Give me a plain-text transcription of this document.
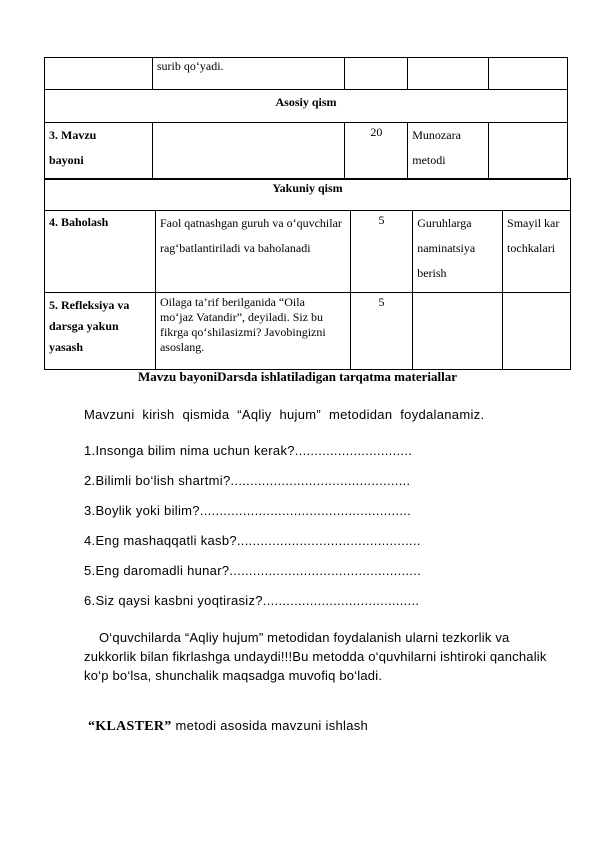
	surib qo‘yadi.			

Asosiy qism				

3. Mavzu bayoni		20	Munozara metodi	

Yakuniy qism				
4. Baholash	Faol qatnashgan guruh va o‘quvchilar rag‘batlantiriladi va baholanadi	5	Guruhlarga naminatsiya berish	Smayil kartochkalari

5. Refleksiya va darsga yakun yasash	Oilaga ta’rif berilganida “Oila mo‘jaz Vatandir”, deyiladi. Siz bu fikrga qo‘shilasizmi? Javobingizni asoslang.	5		
Mavzu bayoniDarsda ishlatiladigan tarqatma materiallar
Mavzuni kirish qismida “Aqliy hujum” metodidan foydalanamiz.
1.Insonga bilim nima uchun kerak?..............................
2.Bilimli bo‘lish shartmi?..............................................
3.Boylik yoki bilim?......................................................
4.Eng mashaqqatli kasb?...............................................
5.Eng daromadli hunar?.................................................
6.Siz qaysi kasbni yoqtirasiz?........................................
O‘quvchilarda “Aqliy hujum” metodidan foydalanish ularni tezkorlik va zukkorlik bilan fikrlashga undaydi!!!Bu metodda o‘quvhilarni ishtiroki qanchalik ko‘p bo‘lsa, shunchalik maqsadga muvofiq bo‘ladi.
“KLASTER” metodi asosida mavzuni ishlash
